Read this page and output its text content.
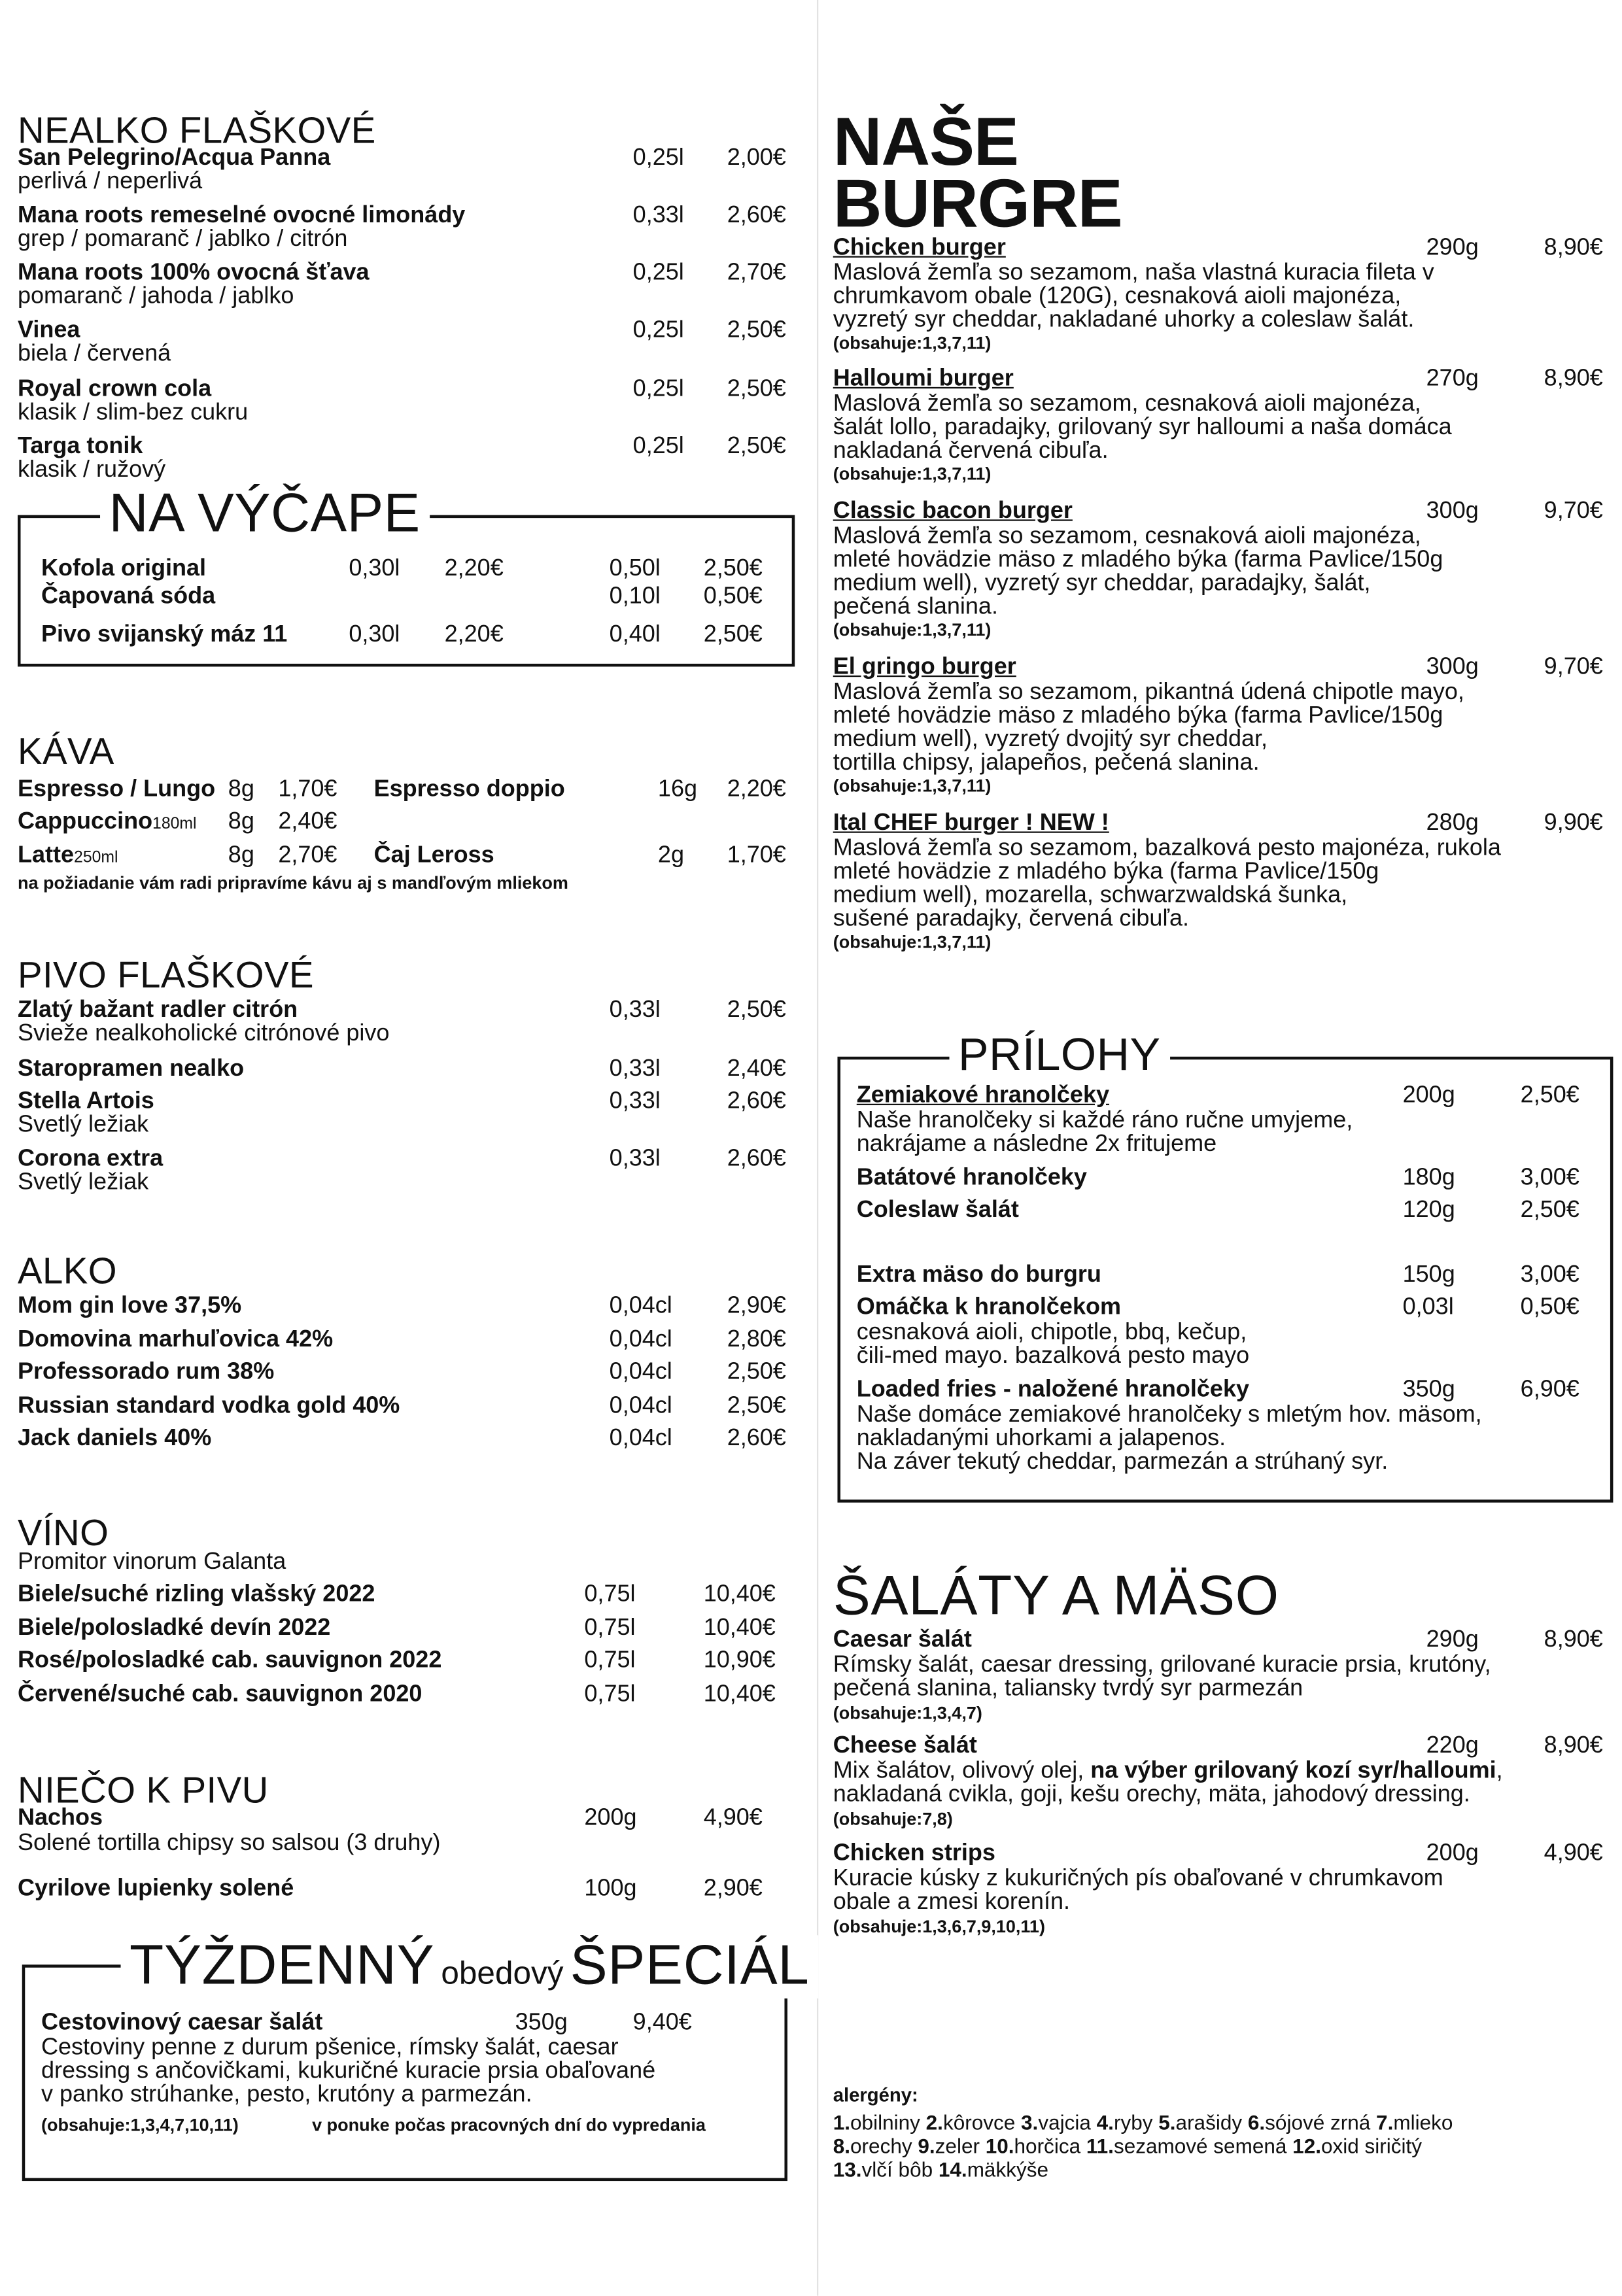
NEALKO FLAŠKOVÉ
San Pelegrino/Acqua Panna	0,25l	2,00€
perlivá / neperlivá
Mana roots remeselné ovocné limonády	0,33l	2,60€
grep / pomaranč / jablko / citrón
Mana roots 100% ovocná šťava	0,25l	2,70€
pomaranč / jahoda / jablko
Vinea	0,25l	2,50€
biela / červená
Royal crown cola	0,25l	2,50€
klasik / slim-bez cukru
Targa tonik	0,25l	2,50€
klasik / ružový
NA VÝČAPE
Kofola original	0,30l	2,20€	0,50l	2,50€
Čapovaná sóda	0,10l	0,50€
Pivo svijanský máz 11	0,30l	2,20€	0,40l	2,50€
KÁVA
Espresso / Lungo 8g 1,70€	Espresso doppio	16g	2,20€
Cappuccino180ml	8g 2,40€
Latte250ml	8g 2,70€	Čaj Leross	2g	1,70€
na požiadanie vám radi pripravíme kávu aj s mandľovým mliekom
PIVO FLAŠKOVÉ
Zlatý bažant radler citrón	0,33l	2,50€
Svieže nealkoholické citrónové pivo
Staropramen nealko	0,33l	2,40€
Stella Artois	0,33l	2,60€
Svetlý ležiak
Corona extra	0,33l	2,60€
Svetlý ležiak
ALKO
Mom gin love 37,5%	0,04cl	2,90€
Domovina marhuľovica 42%	0,04cl	2,80€
Professorado rum 38%	0,04cl	2,50€
Russian standard vodka gold 40%	0,04cl	2,50€
Jack daniels 40%	0,04cl	2,60€
VÍNO
Promitor vinorum Galanta
Biele/suché rizling vlašský 2022	0,75l	10,40€
Biele/polosladké devín 2022	0,75l	10,40€
Rosé/polosladké cab. sauvignon 2022	0,75l	10,90€
Červené/suché cab. sauvignon 2020	0,75l	10,40€
NIEČO K PIVU
Nachos	200g	4,90€
Solené tortilla chipsy so salsou (3 druhy)
Cyrilove lupienky solené	100g	2,90€
TÝŽDENNÝ obedový ŠPECIÁL
Cestovinový caesar šalát	350g	9,40€
Cestoviny penne z durum pšenice, rímsky šalát, caesar
dressing s ančovičkami, kukuričné kuracie prsia obaľované
v panko strúhanke, pesto, krutóny a parmezán.
(obsahuje:1,3,4,7,10,11)	v ponuke počas pracovných dní do vypredania
NAŠE
BURGRE
Chicken burger	290g	8,90€
Maslová žemľa so sezamom, naša vlastná kuracia fileta v
chrumkavom obale (120G), cesnaková aioli majonéza,
vyzretý syr cheddar, nakladané uhorky a coleslaw šalát.
(obsahuje:1,3,7,11)
Halloumi burger	270g	8,90€
Maslová žemľa so sezamom, cesnaková aioli majonéza,
šalát lollo, paradajky, grilovaný syr halloumi a naša domáca
nakladaná červená cibuľa.
(obsahuje:1,3,7,11)
Classic bacon burger	300g	9,70€
Maslová žemľa so sezamom, cesnaková aioli majonéza,
mleté hovädzie mäso z mladého býka (farma Pavlice/150g
medium well), vyzretý syr cheddar, paradajky, šalát,
pečená slanina.
(obsahuje:1,3,7,11)
El gringo burger	300g	9,70€
Maslová žemľa so sezamom, pikantná údená chipotle mayo,
mleté hovädzie mäso z mladého býka (farma Pavlice/150g
medium well), vyzretý dvojitý syr cheddar,
tortilla chipsy, jalapeños, pečená slanina.
(obsahuje:1,3,7,11)
Ital CHEF burger ! NEW !	280g	9,90€
Maslová žemľa so sezamom, bazalková pesto majonéza, rukola
mleté hovädzie z mladého býka (farma Pavlice/150g
medium well), mozarella, schwarzwaldská šunka,
sušené paradajky, červená cibuľa.
(obsahuje:1,3,7,11)
PRÍLOHY
Zemiakové hranolčeky	200g	2,50€
Naše hranolčeky si každé ráno ručne umyjeme,
nakrájame a následne 2x fritujeme
Batátové hranolčeky	180g	3,00€
Coleslaw šalát	120g	2,50€
Extra mäso do burgru	150g	3,00€
Omáčka k hranolčekom	0,03l	0,50€
cesnaková aioli, chipotle, bbq, kečup,
čili-med mayo. bazalková pesto mayo
Loaded fries - naložené hranolčeky	350g	6,90€
Naše domáce zemiakové hranolčeky s mletým hov. mäsom,
nakladanými uhorkami a jalapenos.
Na záver tekutý cheddar, parmezán a strúhaný syr.
ŠALÁTY A MÄSO
Caesar šalát	290g	8,90€
Rímsky šalát, caesar dressing, grilované kuracie prsia, krutóny,
pečená slanina, taliansky tvrdý syr parmezán
(obsahuje:1,3,4,7)
Cheese šalát	220g	8,90€
Mix šalátov, olivový olej, na výber grilovaný kozí syr/halloumi,
nakladaná cvikla, goji, kešu orechy, mäta, jahodový dressing.
(obsahuje:7,8)
Chicken strips	200g	4,90€
Kuracie kúsky z kukuričných pís obaľované v chrumkavom
obale a zmesi korenín.
(obsahuje:1,3,6,7,9,10,11)
alergény:
1.obilniny 2.kôrovce 3.vajcia 4.ryby 5.arašidy 6.sójové zrná 7.mlieko
8.orechy 9.zeler 10.horčica 11.sezamové semená 12.oxid siričitý
13.vlčí bôb 14.mäkkýše
